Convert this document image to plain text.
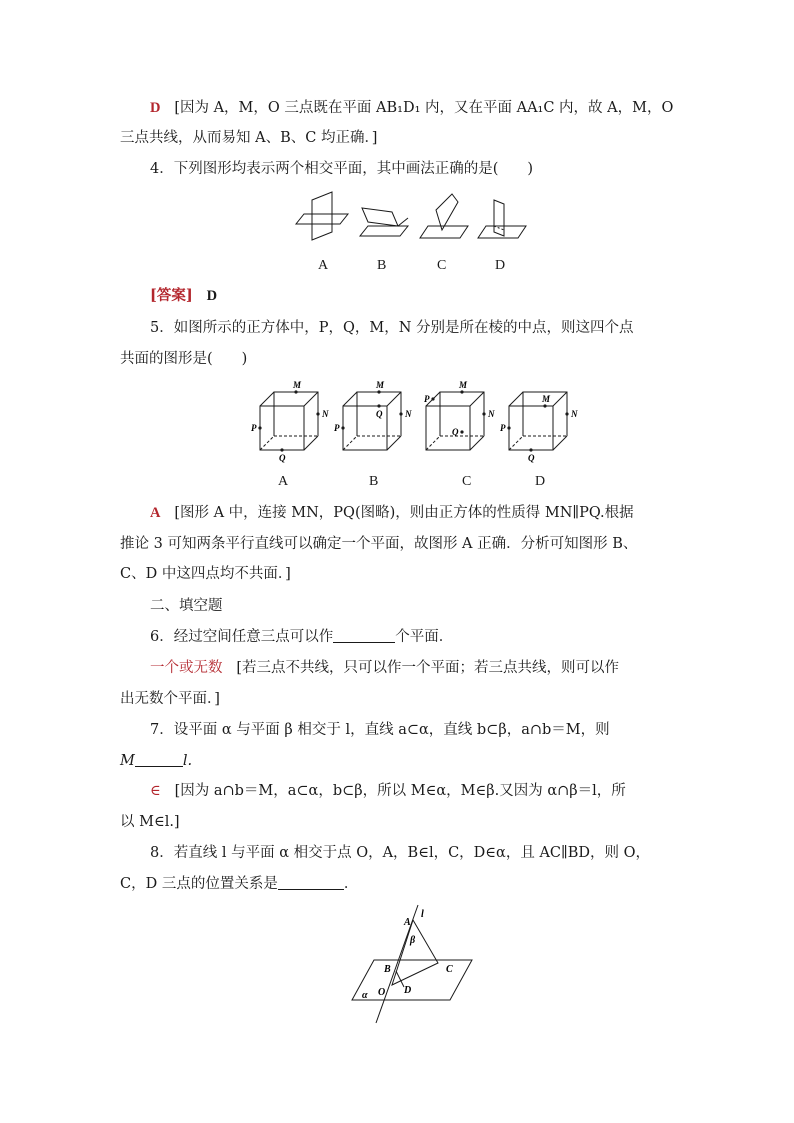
D [因为 A，M，O 三点既在平面 AB₁D₁ 内，又在平面 AA₁C 内，故 A，M，O
三点共线，从而易知 A、B、C 均正确．]
4．下列图形均表示两个相交平面，其中画法正确的是(　　)
A	B	C	D
[答案] D
5．如图所示的正方体中，P，Q，M，N 分别是所在棱的中点，则这四个点
共面的图形是(　　)
M
N
P
Q
M
N
P
Q
M
N
P
Q
M
N
P
Q
A	B	C	D
A [图形 A 中，连接 MN，PQ(图略)，则由正方体的性质得 MN∥PQ.根据
推论 3 可知两条平行直线可以确定一个平面，故图形 A 正确．分析可知图形 B、
C、D 中这四点均不共面．]
二、填空题
6．经过空间任意三点可以作	个平面．
一个或无数 [若三点不共线，只可以作一个平面；若三点共线，则可以作
出无数个平面．]
7．设平面 α 与平面 β 相交于 l，直线 a⊂α，直线 b⊂β，a∩b＝M，则
M	l.
∈ [因为 a∩b＝M，a⊂α，b⊂β，所以 M∈α，M∈β.又因为 α∩β＝l，所
以 M∈l.]
8．若直线 l 与平面 α 相交于点 O，A，B∈l，C，D∈α，且 AC∥BD，则 O，
C，D 三点的位置关系是	．
A
l
β
B	C
α O D
